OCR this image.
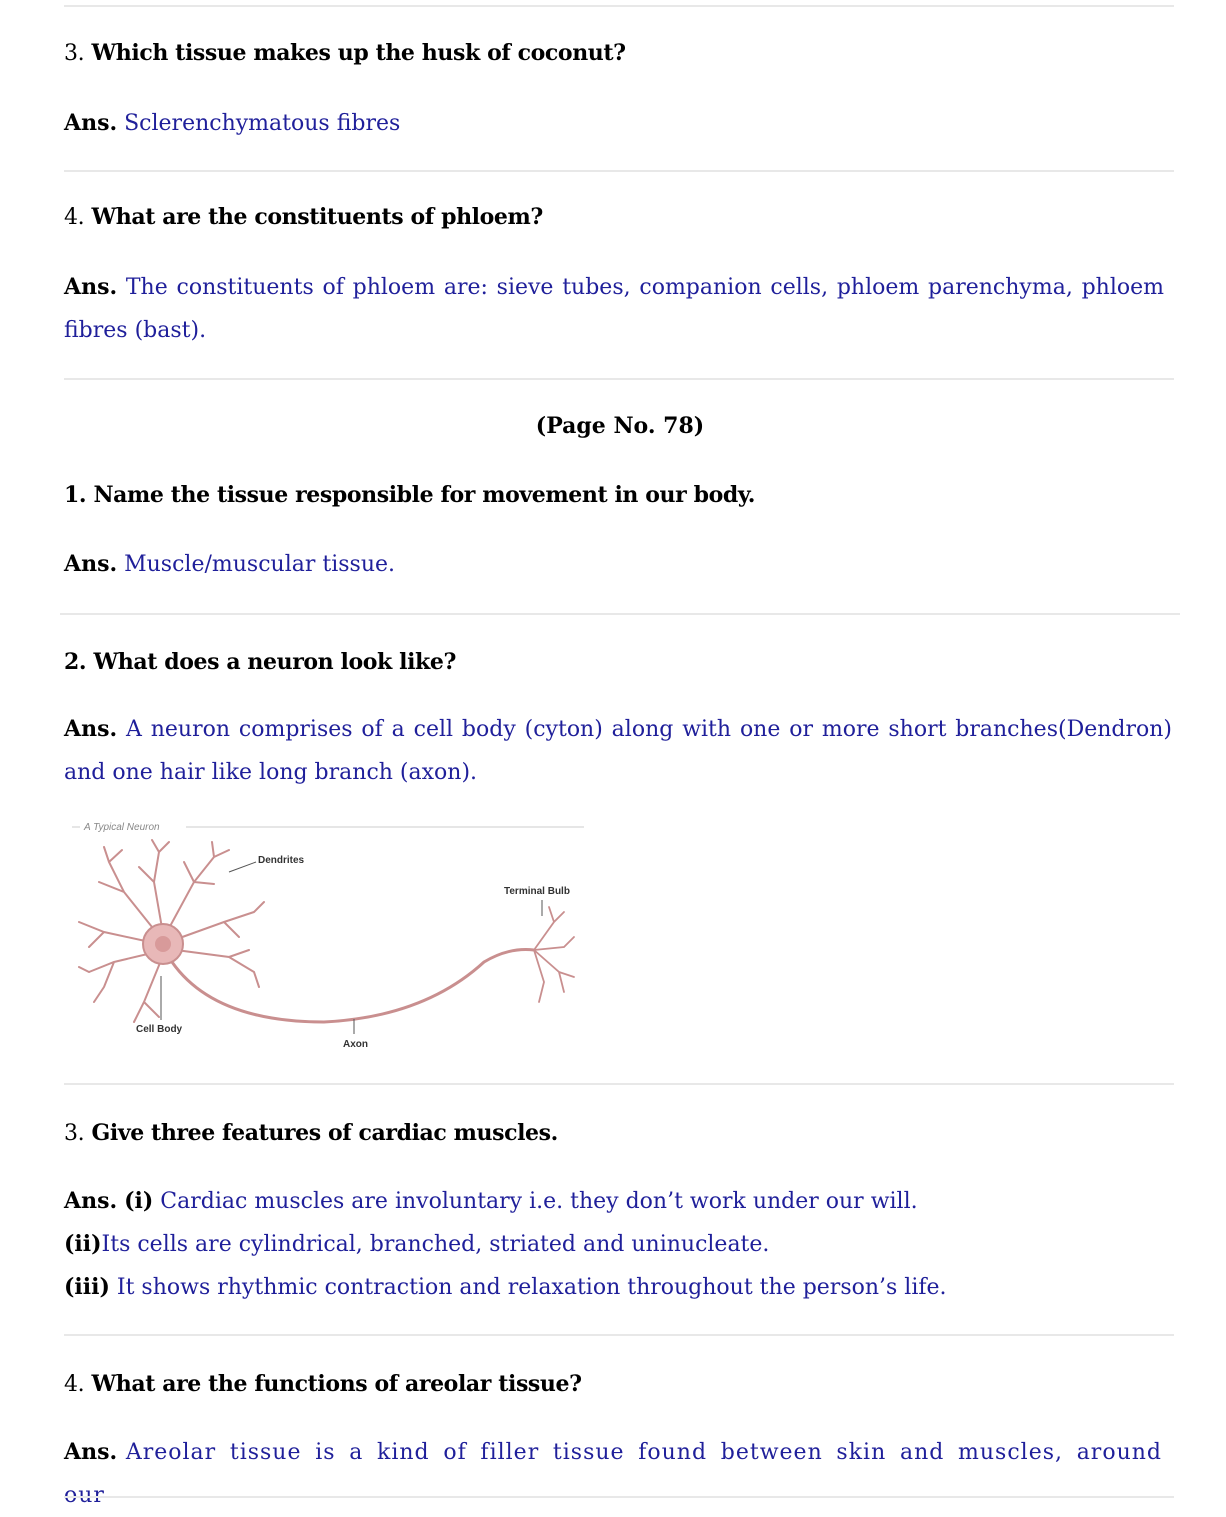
3. Which tissue makes up the husk of coconut?
Ans. Sclerenchymatous fibres
4. What are the constituents of phloem?
Ans. The constituents of phloem are: sieve tubes, companion cells, phloem parenchyma, phloem fibres (bast).
(Page No. 78)
1. Name the tissue responsible for movement in our body.
Ans. Muscle/muscular tissue.
2. What does a neuron look like?
Ans. A neuron comprises of a cell body (cyton) along with one or more short branches(Dendron) and one hair like long branch (axon).
A Typical Neuron
Dendrites
Terminal Bulb
Cell Body
Axon
3. Give three features of cardiac muscles.
Ans. (i) Cardiac muscles are involuntary i.e. they don’t work under our will.
(ii)Its cells are cylindrical, branched, striated and uninucleate.
(iii) It shows rhythmic contraction and relaxation throughout the person’s life.
4. What are the functions of areolar tissue?
Ans. Areolar tissue is a kind of filler tissue found between skin and muscles, around our
